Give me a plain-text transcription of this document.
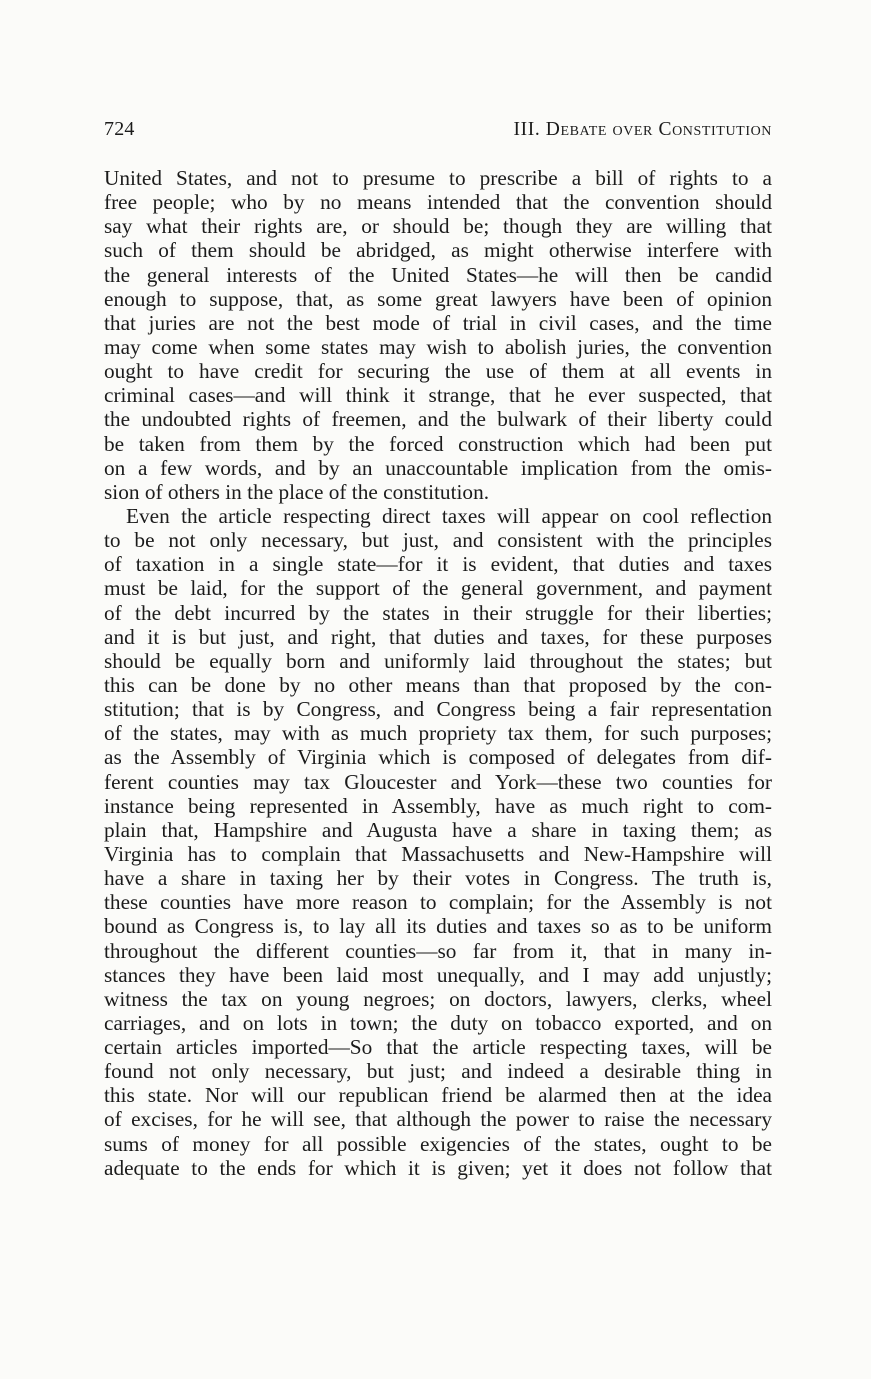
724	III. Debate over Constitution
United States, and not to presume to prescribe a bill of rights to a
free people; who by no means intended that the convention should
say what their rights are, or should be; though they are willing that
such of them should be abridged, as might otherwise interfere with
the general interests of the United States—he will then be candid
enough to suppose, that, as some great lawyers have been of opinion
that juries are not the best mode of trial in civil cases, and the time
may come when some states may wish to abolish juries, the convention
ought to have credit for securing the use of them at all events in
criminal cases—and will think it strange, that he ever suspected, that
the undoubted rights of freemen, and the bulwark of their liberty could
be taken from them by the forced construction which had been put
on a few words, and by an unaccountable implication from the omis-
sion of others in the place of the constitution.
Even the article respecting direct taxes will appear on cool reflection
to be not only necessary, but just, and consistent with the principles
of taxation in a single state—for it is evident, that duties and taxes
must be laid, for the support of the general government, and payment
of the debt incurred by the states in their struggle for their liberties;
and it is but just, and right, that duties and taxes, for these purposes
should be equally born and uniformly laid throughout the states; but
this can be done by no other means than that proposed by the con-
stitution; that is by Congress, and Congress being a fair representation
of the states, may with as much propriety tax them, for such purposes;
as the Assembly of Virginia which is composed of delegates from dif-
ferent counties may tax Gloucester and York—these two counties for
instance being represented in Assembly, have as much right to com-
plain that, Hampshire and Augusta have a share in taxing them; as
Virginia has to complain that Massachusetts and New-Hampshire will
have a share in taxing her by their votes in Congress. The truth is,
these counties have more reason to complain; for the Assembly is not
bound as Congress is, to lay all its duties and taxes so as to be uniform
throughout the different counties—so far from it, that in many in-
stances they have been laid most unequally, and I may add unjustly;
witness the tax on young negroes; on doctors, lawyers, clerks, wheel
carriages, and on lots in town; the duty on tobacco exported, and on
certain articles imported—So that the article respecting taxes, will be
found not only necessary, but just; and indeed a desirable thing in
this state. Nor will our republican friend be alarmed then at the idea
of excises, for he will see, that although the power to raise the necessary
sums of money for all possible exigencies of the states, ought to be
adequate to the ends for which it is given; yet it does not follow that
